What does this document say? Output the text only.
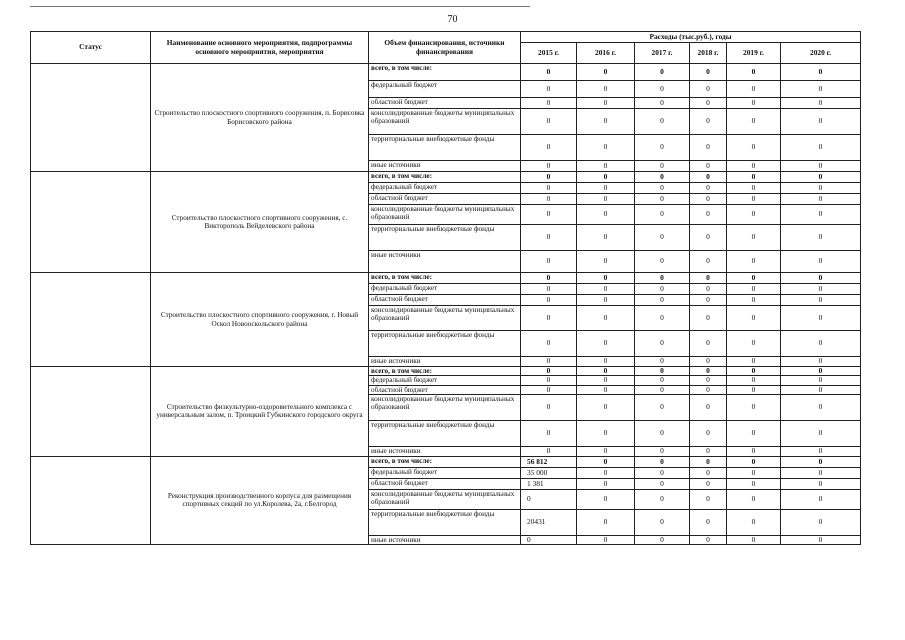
70
Статус	Наименование основного мероприятия, подпрограммы основного мероприятия, мероприятия	Объем финансирования, источники финансирования	Расходы (тыс.руб.), годы					
			2015 г.	2016 г.	2017 г.	2018 г.	2019 г.	2020 г.
	Строительство плоскостного спортивного сооружения, п. Борисовка Борисовского района	всего, в том числе:	0	0	0	0	0	0
		федеральный бюджет	0	0	0	0	0	0
		областной бюджет	0	0	0	0	0	0
		консолидированные бюджеты муниципальных образований	0	0	0	0	0	0
		территориальные внебюджетные фонды	0	0	0	0	0	0
		иные источники	0	0	0	0	0	0
	Строительство плоскостного спортивного сооружения, с. Викторополь Вейделевского района	всего, в том числе:	0	0	0	0	0	0
		федеральный бюджет	0	0	0	0	0	0
		областной бюджет	0	0	0	0	0	0
		консолидированные бюджеты муниципальных образований	0	0	0	0	0	0
		территориальные внебюджетные фонды	0	0	0	0	0	0
		иные источники	0	0	0	0	0	0
	Строительство плоскостного спортивного сооружения, г. Новый Оскол Новооскольского района	всего, в том числе:	0	0	0	0	0	0
		федеральный бюджет	0	0	0	0	0	0
		областной бюджет	0	0	0	0	0	0
		консолидированные бюджеты муниципальных образований	0	0	0	0	0	0
		территориальные внебюджетные фонды	0	0	0	0	0	0
		иные источники	0	0	0	0	0	0
	Строительство физкультурно-оздоровительного комплекса с универсальным залом, п. Троицкий Губкинского городского округа	всего, в том числе:	0	0	0	0	0	0
		федеральный бюджет	0	0	0	0	0	0
		областной бюджет	0	0	0	0	0	0
		консолидированные бюджеты муниципальных образований	0	0	0	0	0	0
		территориальные внебюджетные фонды	0	0	0	0	0	0
		иные источники	0	0	0	0	0	0
	Реконструкция производственного корпуса для размещения спортивных секций по ул.Королева, 2а, г.Белгород	всего, в том числе:	56 812	0	0	0	0	0
		федеральный бюджет	35 000	0	0	0	0	0
		областной бюджет	1 381	0	0	0	0	0
		консолидированные бюджеты муниципальных образований	0	0	0	0	0	0
		территориальные внебюджетные фонды	20431	0	0	0	0	0
		иные источники	0	0	0	0	0	0
